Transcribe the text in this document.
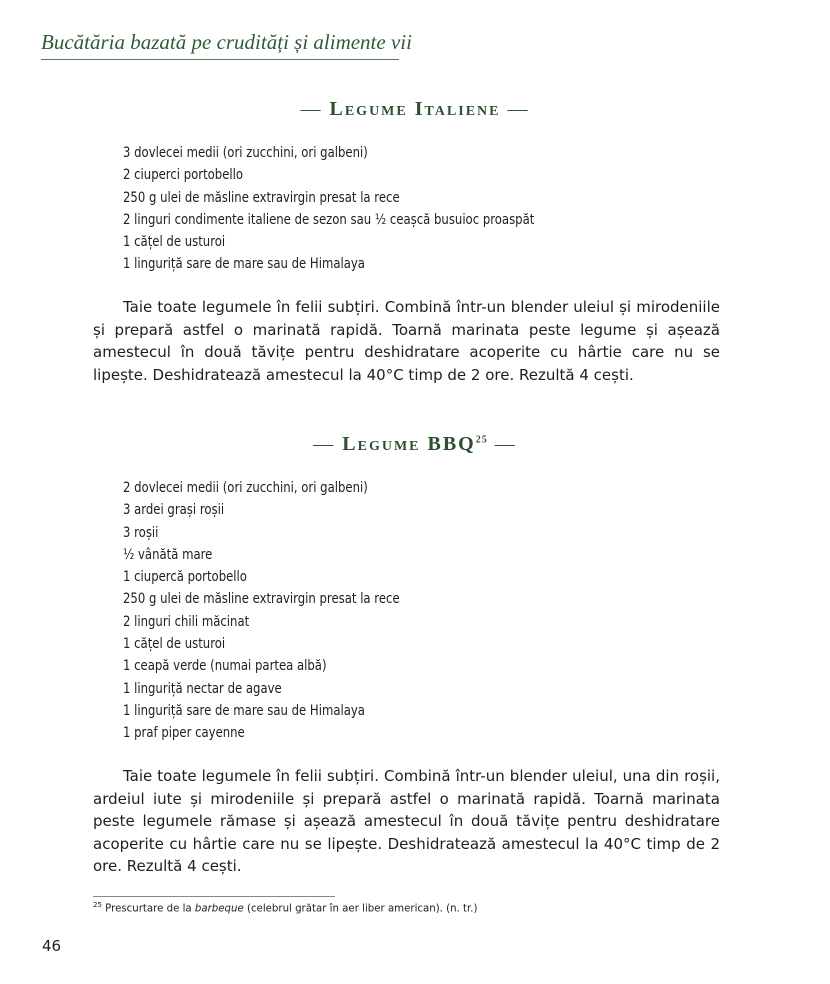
Bucătăria bazată pe crudități și alimente vii
— Legume Italiene —
3 dovlecei medii (ori zucchini, ori galbeni)
2 ciuperci portobello
250 g ulei de măsline extravirgin presat la rece
2 linguri condimente italiene de sezon sau ½ ceașcă busuioc proaspăt
1 cățel de usturoi
1 linguriță sare de mare sau de Himalaya

Taie toate legumele în felii subțiri. Combină într-un blender uleiul și mirodeniile și prepară astfel o marinată rapidă. Toarnă marinata peste legume și așează amestecul în două tăvițe pentru deshidratare acoperite cu hârtie care nu se lipește. Deshidratează amestecul la 40°C timp de 2 ore. Rezultă 4 cești.

— Legume BBQ$^{25}$ —
2 dovlecei medii (ori zucchini, ori galbeni)
3 ardei grași roșii
3 roșii
½ vânătă mare
1 ciupercă portobello
250 g ulei de măsline extravirgin presat la rece
2 linguri chili măcinat
1 cățel de usturoi
1 ceapă verde (numai partea albă)
1 linguriță nectar de agave
1 linguriță sare de mare sau de Himalaya
1 praf piper cayenne

Taie toate legumele în felii subțiri. Combină într-un blender uleiul, una din roșii, ardeiul iute și mirodeniile și prepară astfel o marinată rapidă. Toarnă marinata peste legumele rămase și așează amestecul în două tăvițe pentru deshidratare acoperite cu hârtie care nu se lipește. Deshidratează amestecul la 40°C timp de 2 ore. Rezultă 4 cești.

$^{25}$ Prescurtare de la barbeque (celebrul grătar în aer liber american). (n. tr.)
46
